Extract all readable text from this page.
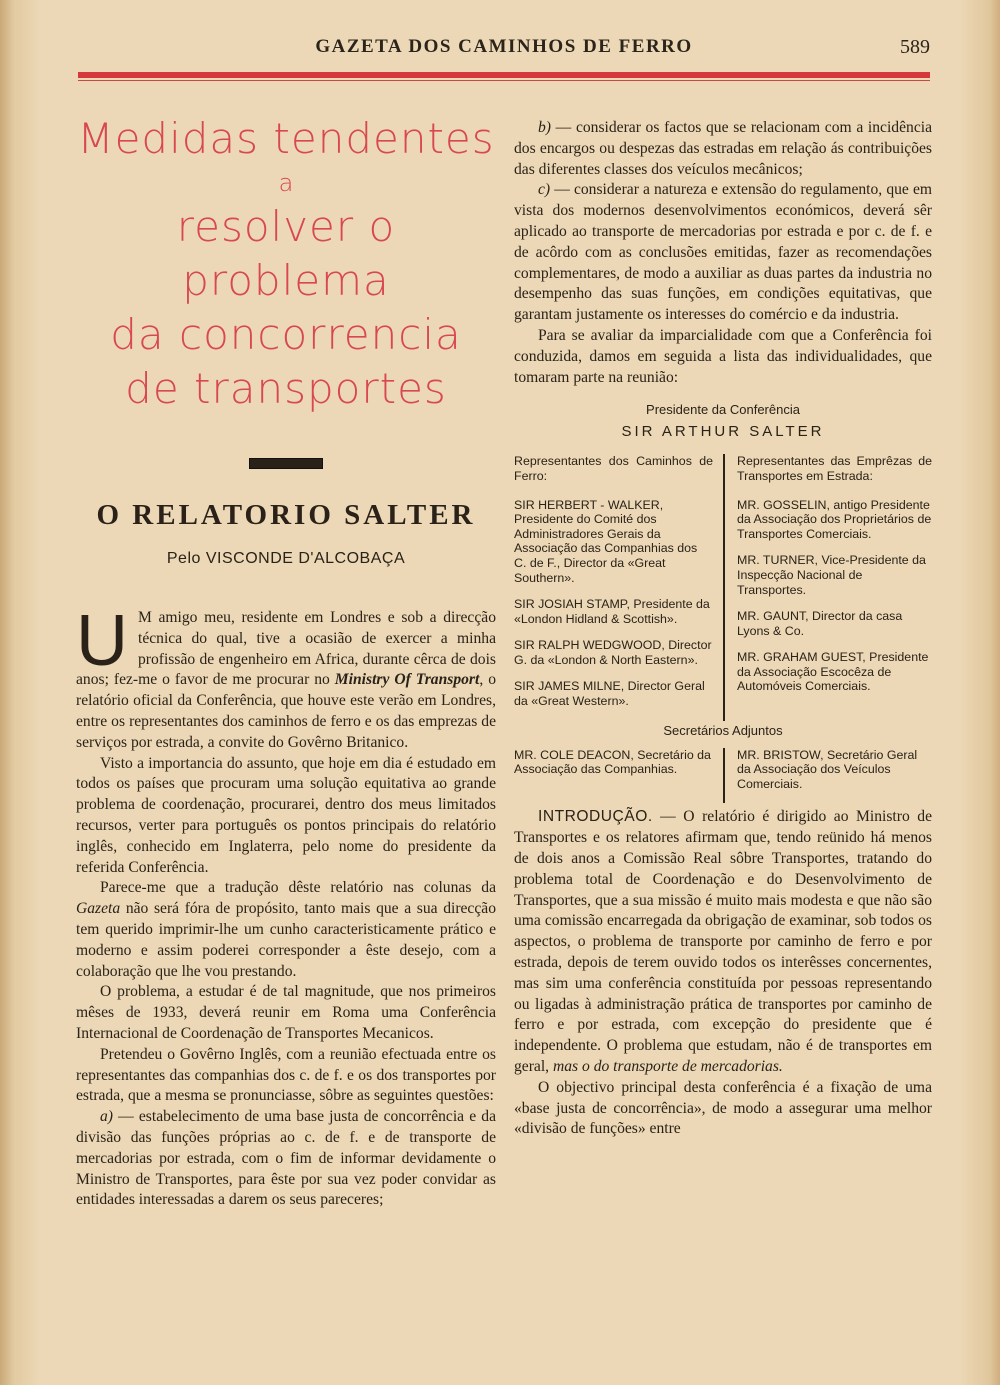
GAZETA DOS CAMINHOS DE FERRO	589
Medidas tendentes
a
resolver o problema
da concorrencia
de transportes
O RELATORIO SALTER
Pelo VISCONDE D'ALCOBAÇA

U M amigo meu, residente em Londres e sob a direcção técnica do qual, tive a ocasião de exercer a minha profissão de engenheiro em Africa, durante cêrca de dois anos; fez-me o favor de me procurar no Ministry Of Transport, o relatório oficial da Conferência, que houve este verão em Londres, entre os representantes dos caminhos de ferro e os das emprezas de serviços por estrada, a convite do Govêrno Britanico.

Visto a importancia do assunto, que hoje em dia é estudado em todos os países que procuram uma solução equitativa ao grande problema de coordenação, procurarei, dentro dos meus limitados recursos, verter para português os pontos principais do relatório inglês, conhecido em Inglaterra, pelo nome do presidente da referida Conferência.

Parece-me que a tradução dêste relatório nas colunas da Gazeta não será fóra de propósito, tanto mais que a sua direcção tem querido imprimir-lhe um cunho caracteristicamente prático e moderno e assim poderei corresponder a êste desejo, com a colaboração que lhe vou prestando.

O problema, a estudar é de tal magnitude, que nos primeiros mêses de 1933, deverá reunir em Roma uma Conferência Internacional de Coordenação de Transportes Mecanicos.

Pretendeu o Govêrno Inglês, com a reunião efectuada entre os representantes das companhias dos c. de f. e os dos transportes por estrada, que a mesma se pronunciasse, sôbre as seguintes questões:

a) — estabelecimento de uma base justa de concorrência e da divisão das funções próprias ao c. de f. e de transporte de mercadorias por estrada, com o fim de informar devidamente o Ministro de Transportes, para êste por sua vez poder convidar as entidades interessadas a darem os seus pareceres;

b) — considerar os factos que se relacionam com a incidência dos encargos ou despezas das estradas em relação ás contribuições das diferentes classes dos veículos mecânicos;

c) — considerar a natureza e extensão do regulamento, que em vista dos modernos desenvolvimentos económicos, deverá sêr aplicado ao transporte de mercadorias por estrada e por c. de f. e de acôrdo com as conclusões emitidas, fazer as recomendações complementares, de modo a auxiliar as duas partes da industria no desempenho das suas funções, em condições equitativas, que garantam justamente os interesses do comércio e da industria.

Para se avaliar da imparcialidade com que a Conferência foi conduzida, damos em seguida a lista das individualidades, que tomaram parte na reunião:

Presidente da Conferência
SIR ARTHUR SALTER
Representantes dos Caminhos de Ferro:
SIR HERBERT - WALKER, Presidente do Comité dos Administradores Gerais da Associação das Companhias dos C. de F., Director da «Great Southern».
SIR JOSIAH STAMP, Presidente da «London Hidland & Scottish».
SIR RALPH WEDGWOOD, Director G. da «London & North Eastern».
SIR JAMES MILNE, Director Geral da «Great Western».
Representantes das Emprêzas de Transportes em Estrada:
MR. GOSSELIN, antigo Presidente da Associação dos Proprietários de Transportes Comerciais.
MR. TURNER, Vice-Presidente da Inspecção Nacional de Transportes.
MR. GAUNT, Director da casa Lyons & Co.
MR. GRAHAM GUEST, Presidente da Associação Escocêza de Automóveis Comerciais.
Secretários Adjuntos
MR. COLE DEACON, Secretário da Associação das Companhias.
MR. BRISTOW, Secretário Geral da Associação dos Veículos Comerciais.

INTRODUÇÃO. — O relatório é dirigido ao Ministro de Transportes e os relatores afirmam que, tendo reünido há menos de dois anos a Comissão Real sôbre Transportes, tratando do problema total de Coordenação e do Desenvolvimento de Transportes, que a sua missão é muito mais modesta e que não são uma comissão encarregada da obrigação de examinar, sob todos os aspectos, o problema de transporte por caminho de ferro e por estrada, depois de terem ouvido todos os interêsses concernentes, mas sim uma conferência constituída por pessoas representando ou ligadas à administração prática de transportes por caminho de ferro e por estrada, com excepção do presidente que é independente. O problema que estudam, não é de transportes em geral, mas o do transporte de mercadorias.

O objectivo principal desta conferência é a fixação de uma «base justa de concorrência», de modo a assegurar uma melhor «divisão de funções» entre
